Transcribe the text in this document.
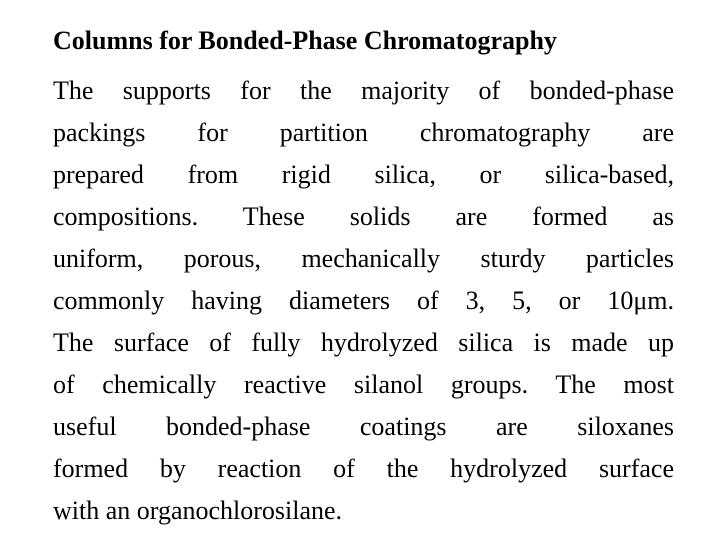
Columns for Bonded-Phase Chromatography

The supports for the majority of bonded-phase
packings for partition chromatography are
prepared from rigid silica, or silica-based,
compositions. These solids are formed as
uniform, porous, mechanically sturdy particles
commonly having diameters of 3, 5, or 10μm.
The surface of fully hydrolyzed silica is made up
of chemically reactive silanol groups. The most
useful bonded-phase coatings are siloxanes
formed by reaction of the hydrolyzed surface
with an organochlorosilane.
